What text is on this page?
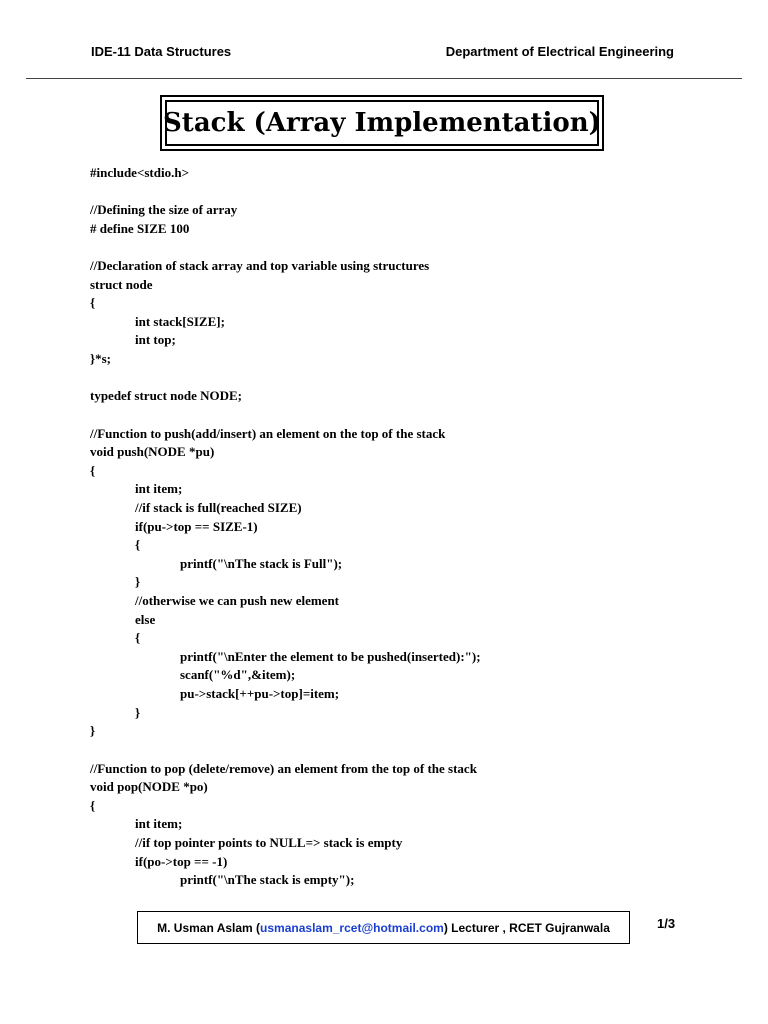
IDE-11 Data Structures	Department of Electrical Engineering
Stack (Array Implementation)
#include<stdio.h>
//Defining the size of array
# define SIZE 100
//Declaration of stack array and top variable using structures
struct node
{
int stack[SIZE];
int top;
}*s;
typedef struct node NODE;
//Function to push(add/insert) an element on the top of the stack
void push(NODE *pu)
{
int item;
//if stack is full(reached SIZE)
if(pu->top == SIZE-1)
{
printf("\nThe stack is Full");
}
//otherwise we can push new element
else
{
printf("\nEnter the element to be pushed(inserted):");
scanf("%d",&item);
pu->stack[++pu->top]=item;
}
}
//Function to pop (delete/remove) an element from the top of the stack
void pop(NODE *po)
{
int item;
//if top pointer points to NULL=> stack is empty
if(po->top == -1)
printf("\nThe stack is empty");
M. Usman Aslam ( usmanaslam_rcet@hotmail.com ) Lecturer , RCET Gujranwala	1/3
